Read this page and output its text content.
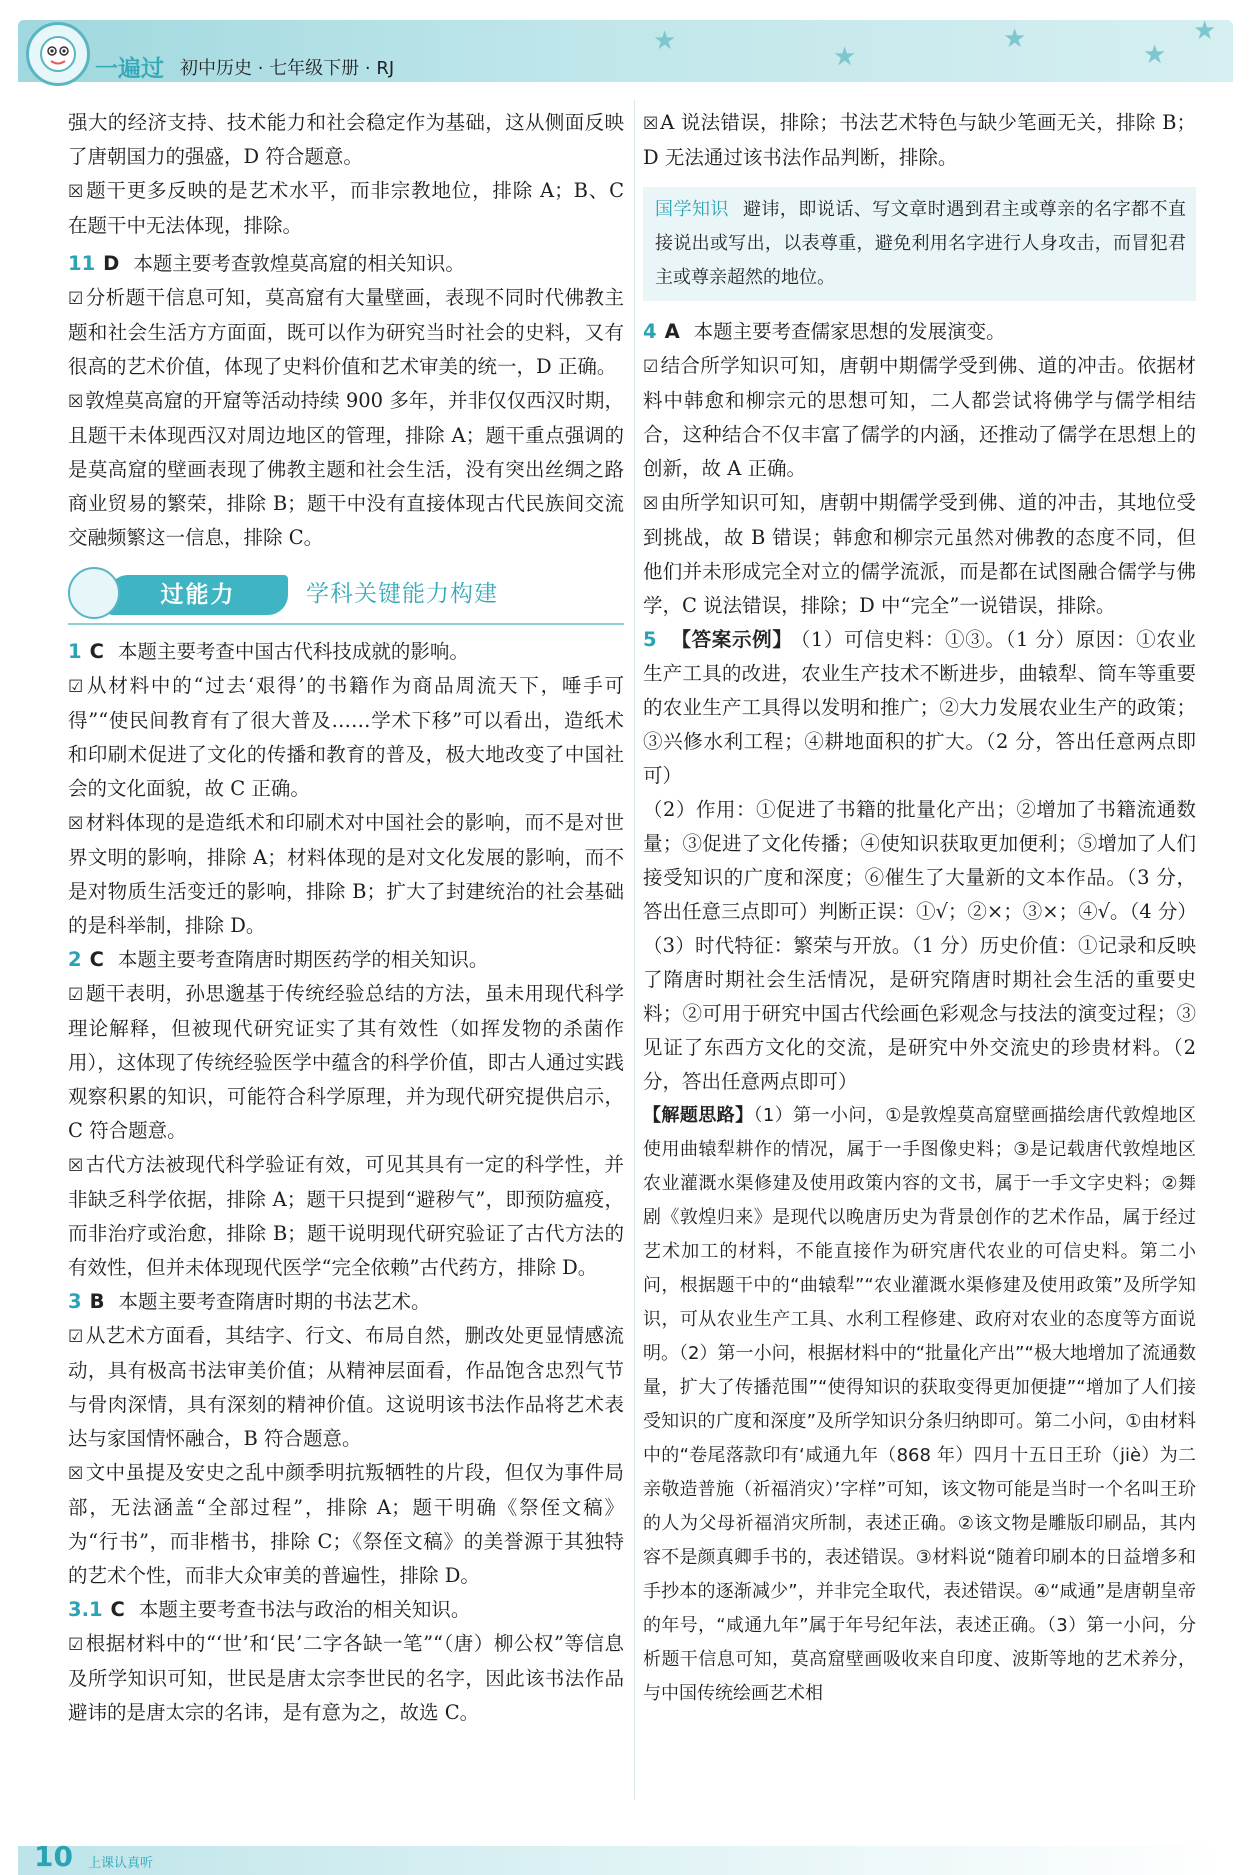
★
★
★
★
★
一遍过 初中历史 · 七年级下册 · RJ

强大的经济支持、技术能力和社会稳定作为基础，这从侧面反映了唐朝国力的强盛，D 符合题意。

☒ 题干更多反映的是艺术水平，而非宗教地位，排除 A；B、C 在题干中无法体现，排除。

11 D 本题主要考查敦煌莫高窟的相关知识。

☑ 分析题干信息可知，莫高窟有大量壁画，表现不同时代佛教主题和社会生活方方面面，既可以作为研究当时社会的史料，又有很高的艺术价值，体现了史料价值和艺术审美的统一，D 正确。

☒ 敦煌莫高窟的开窟等活动持续 900 多年，并非仅仅西汉时期，且题干未体现西汉对周边地区的管理，排除 A；题干重点强调的是莫高窟的壁画表现了佛教主题和社会生活，没有突出丝绸之路商业贸易的繁荣，排除 B；题干中没有直接体现古代民族间交流交融频繁这一信息，排除 C。

过能力	学科关键能力构建

1 C 本题主要考查中国古代科技成就的影响。

☑ 从材料中的“过去‘艰得’的书籍作为商品周流天下，唾手可得”“使民间教育有了很大普及……学术下移”可以看出，造纸术和印刷术促进了文化的传播和教育的普及，极大地改变了中国社会的文化面貌，故 C 正确。

☒ 材料体现的是造纸术和印刷术对中国社会的影响，而不是对世界文明的影响，排除 A；材料体现的是对文化发展的影响，而不是对物质生活变迁的影响，排除 B；扩大了封建统治的社会基础的是科举制，排除 D。

2 C 本题主要考查隋唐时期医药学的相关知识。

☑ 题干表明，孙思邈基于传统经验总结的方法，虽未用现代科学理论解释，但被现代研究证实了其有效性（如挥发物的杀菌作用），这体现了传统经验医学中蕴含的科学价值，即古人通过实践观察积累的知识，可能符合科学原理，并为现代研究提供启示，C 符合题意。

☒ 古代方法被现代科学验证有效，可见其具有一定的科学性，并非缺乏科学依据，排除 A；题干只提到“避秽气”，即预防瘟疫，而非治疗或治愈，排除 B；题干说明现代研究验证了古代方法的有效性，但并未体现现代医学“完全依赖”古代药方，排除 D。

3 B 本题主要考查隋唐时期的书法艺术。

☑ 从艺术方面看，其结字、行文、布局自然，删改处更显情感流动，具有极高书法审美价值；从精神层面看，作品饱含忠烈气节与骨肉深情，具有深刻的精神价值。这说明该书法作品将艺术表达与家国情怀融合，B 符合题意。

☒ 文中虽提及安史之乱中颜季明抗叛牺牲的片段，但仅为事件局部，无法涵盖“全部过程”，排除 A；题干明确《祭侄文稿》为“行书”，而非楷书，排除 C；《祭侄文稿》的美誉源于其独特的艺术个性，而非大众审美的普遍性，排除 D。

3.1 C 本题主要考查书法与政治的相关知识。

☑ 根据材料中的“‘世’和‘民’二字各缺一笔”“（唐）柳公权”等信息及所学知识可知，世民是唐太宗李世民的名字，因此该书法作品避讳的是唐太宗的名讳，是有意为之，故选 C。

☒ A 说法错误，排除；书法艺术特色与缺少笔画无关，排除 B；D 无法通过该书法作品判断，排除。

国学知识 避讳，即说话、写文章时遇到君主或尊亲的名字都不直接说出或写出，以表尊重，避免利用名字进行人身攻击，而冒犯君主或尊亲超然的地位。

4 A 本题主要考查儒家思想的发展演变。

☑ 结合所学知识可知，唐朝中期儒学受到佛、道的冲击。依据材料中韩愈和柳宗元的思想可知，二人都尝试将佛学与儒学相结合，这种结合不仅丰富了儒学的内涵，还推动了儒学在思想上的创新，故 A 正确。

☒ 由所学知识可知，唐朝中期儒学受到佛、道的冲击，其地位受到挑战，故 B 错误；韩愈和柳宗元虽然对佛教的态度不同，但他们并未形成完全对立的儒学流派，而是都在试图融合儒学与佛学，C 说法错误，排除；D 中“完全”一说错误，排除。

5 【答案示例】 （1）可信史料：①③。（1 分）原因：①农业生产工具的改进，农业生产技术不断进步，曲辕犁、筒车等重要的农业生产工具得以发明和推广；②大力发展农业生产的政策；③兴修水利工程；④耕地面积的扩大。（2 分，答出任意两点即可）

（2）作用：①促进了书籍的批量化产出；②增加了书籍流通数量；③促进了文化传播；④使知识获取更加便利；⑤增加了人们接受知识的广度和深度；⑥催生了大量新的文本作品。（3 分，答出任意三点即可）判断正误：①√；②×；③×；④√。（4 分）

（3）时代特征：繁荣与开放。（1 分）历史价值：①记录和反映了隋唐时期社会生活情况，是研究隋唐时期社会生活的重要史料；②可用于研究中国古代绘画色彩观念与技法的演变过程；③见证了东西方文化的交流，是研究中外交流史的珍贵材料。（2 分，答出任意两点即可）

【解题思路】（1）第一小问，①是敦煌莫高窟壁画描绘唐代敦煌地区使用曲辕犁耕作的情况，属于一手图像史料；③是记载唐代敦煌地区农业灌溉水渠修建及使用政策内容的文书，属于一手文字史料；②舞剧《敦煌归来》是现代以晚唐历史为背景创作的艺术作品，属于经过艺术加工的材料，不能直接作为研究唐代农业的可信史料。第二小问，根据题干中的“曲辕犁”“农业灌溉水渠修建及使用政策”及所学知识，可从农业生产工具、水利工程修建、政府对农业的态度等方面说明。（2）第一小问，根据材料中的“批量化产出”“极大地增加了流通数量，扩大了传播范围”“使得知识的获取变得更加便捷”“增加了人们接受知识的广度和深度”及所学知识分条归纳即可。第二小问，①由材料中的“卷尾落款印有‘咸通九年（868 年）四月十五日王玠（jiè）为二亲敬造普施（祈福消灾）’字样”可知，该文物可能是当时一个名叫王玠的人为父母祈福消灾所制，表述正确。②该文物是雕版印刷品，其内容不是颜真卿手书的，表述错误。③材料说“随着印刷本的日益增多和手抄本的逐渐减少”，并非完全取代，表述错误。④“咸通”是唐朝皇帝的年号，“咸通九年”属于年号纪年法，表述正确。（3）第一小问，分析题干信息可知，莫高窟壁画吸收来自印度、波斯等地的艺术养分，与中国传统绘画艺术相

10 上课认真听
